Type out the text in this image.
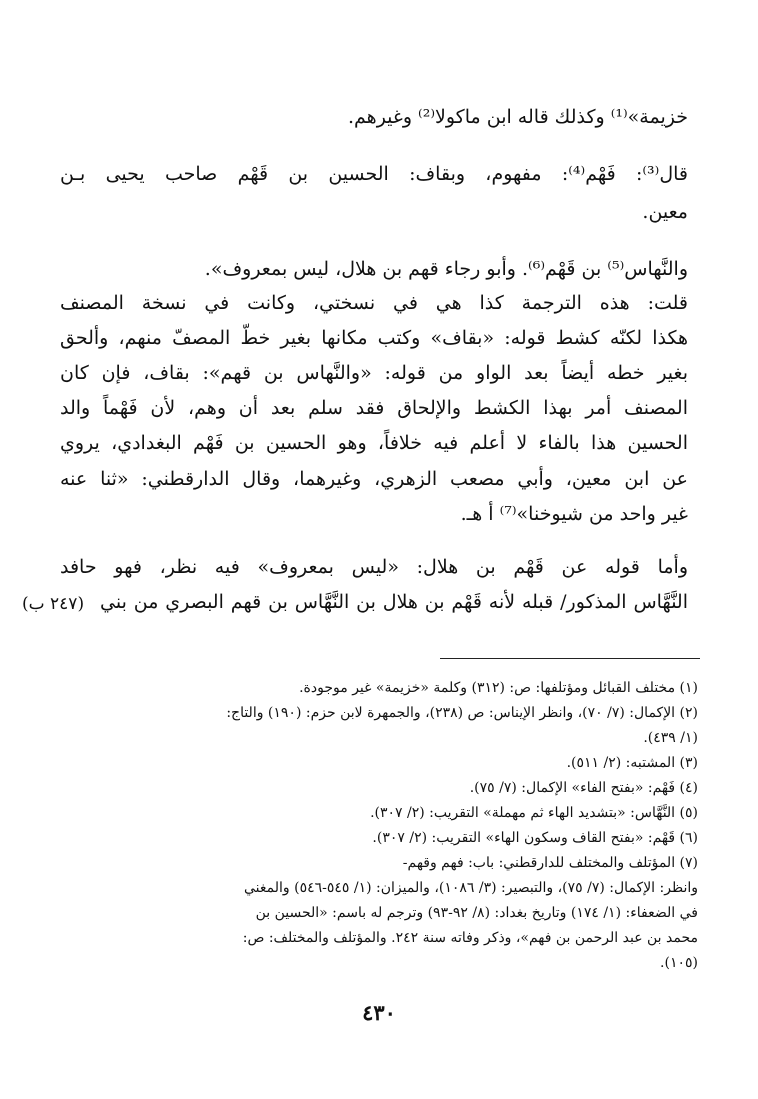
خزيمة»⁽¹⁾ وكذلك قاله ابن ماكولا⁽²⁾ وغيرهم.
قال⁽³⁾: فَهْم⁽⁴⁾: مفهوم، وبقاف: الحسين بن قَهْم صاحب يحيى بـن
معين.
والنَّهاس⁽⁵⁾ بن قَهْم⁽⁶⁾. وأبو رجاء قهم بن هلال، ليس بمعروف».
قلت: هذه الترجمة كذا هي في نسختي، وكانت في نسخة المصنف
هكذا لكنّه كشط قوله: «بقاف» وكتب مكانها بغير خطّ المصفّ منهم، وألحق
بغير خطه أيضاً بعد الواو من قوله: «والنَّهاس بن قهم»: بقاف، فإن كان
المصنف أمر بهذا الكشط والإلحاق فقد سلم بعد أن وهم، لأن فَهْماً والد
الحسين هذا بالفاء لا أعلم فيه خلافاً، وهو الحسين بن فَهْم البغدادي، يروي
عن ابن معين، وأبي مصعب الزهري، وغيرهما، وقال الدارقطني: «ثنا عنه
غير واحد من شيوخنا»⁽⁷⁾ أ هـ.
وأما قوله عن قَهْم بن هلال: «ليس بمعروف» فيه نظر، فهو حافد
النَّهَّاس المذكور/ قبله لأنه قَهْم بن هلال بن النَّهَّاس بن قهم البصري من بني
(٢٤٧ ب)
(١) مختلف القبائل ومؤتلفها: ص: (٣١٢) وكلمة «خزيمة» غير موجودة.
(٢) الإكمال: (٧/ ٧٠)، وانظر الإيناس: ص (٢٣٨)، والجمهرة لابن حزم: (١٩٠) والتاج:
(١/ ٤٣٩).
(٣) المشتبه: (٢/ ٥١١).
(٤) فَهْم: «بفتح الفاء» الإكمال: (٧/ ٧٥).
(٥) النَّهَّاس: «بتشديد الهاء ثم مهملة» التقريب: (٢/ ٣٠٧).
(٦) قَهْم: «بفتح القاف وسكون الهاء» التقريب: (٢/ ٣٠٧).
(٧) المؤتلف والمختلف للدارقطني: باب: فهم وقهم-
وانظر: الإكمال: (٧/ ٧٥)، والتبصير: (٣/ ١٠٨٦)، والميزان: (١/ ٥٤٥-٥٤٦) والمغني
في الضعفاء: (١/ ١٧٤) وتاريخ بغداد: (٨/ ٩٢-٩٣) وترجم له باسم: «الحسين بن
محمد بن عبد الرحمن بن فهم»، وذكر وفاته سنة ٢٤٢. والمؤتلف والمختلف: ص:
(١٠٥).
٤٣٠
